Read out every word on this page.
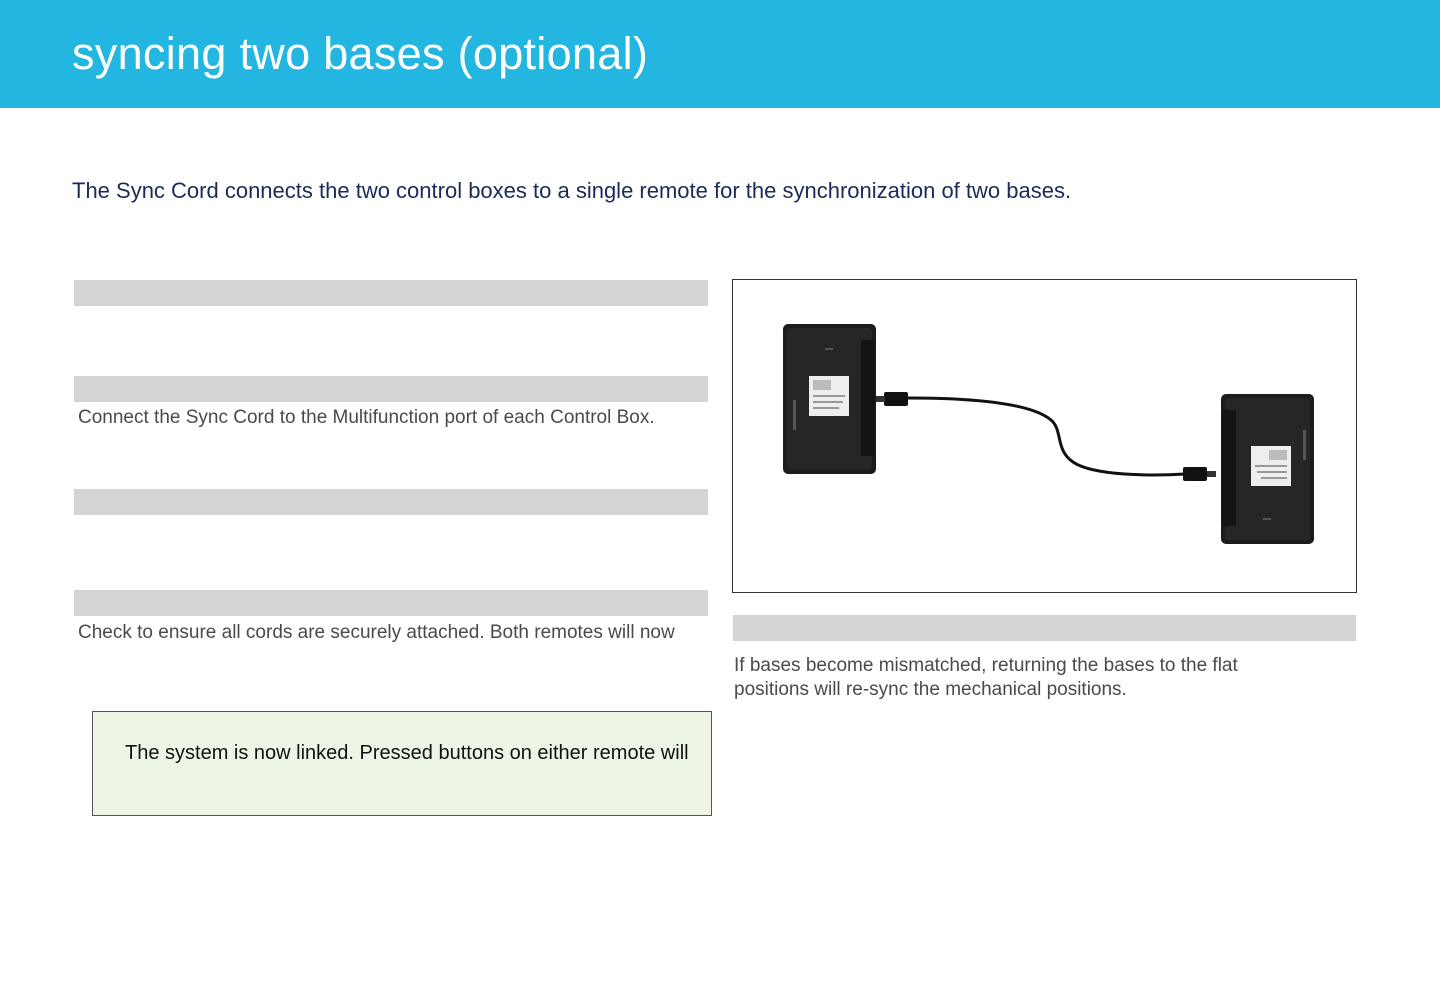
syncing two bases (optional)
The Sync Cord connects the two control boxes to a single remote for the synchronization of two bases.
Connect the Sync Cord to the Multifunction port of each Control Box.
Check to ensure all cords are securely attached. Both remotes will now
If bases become mismatched, returning the bases to the flat
positions will re-sync the mechanical positions.
The system is now linked. Pressed buttons on either remote will
